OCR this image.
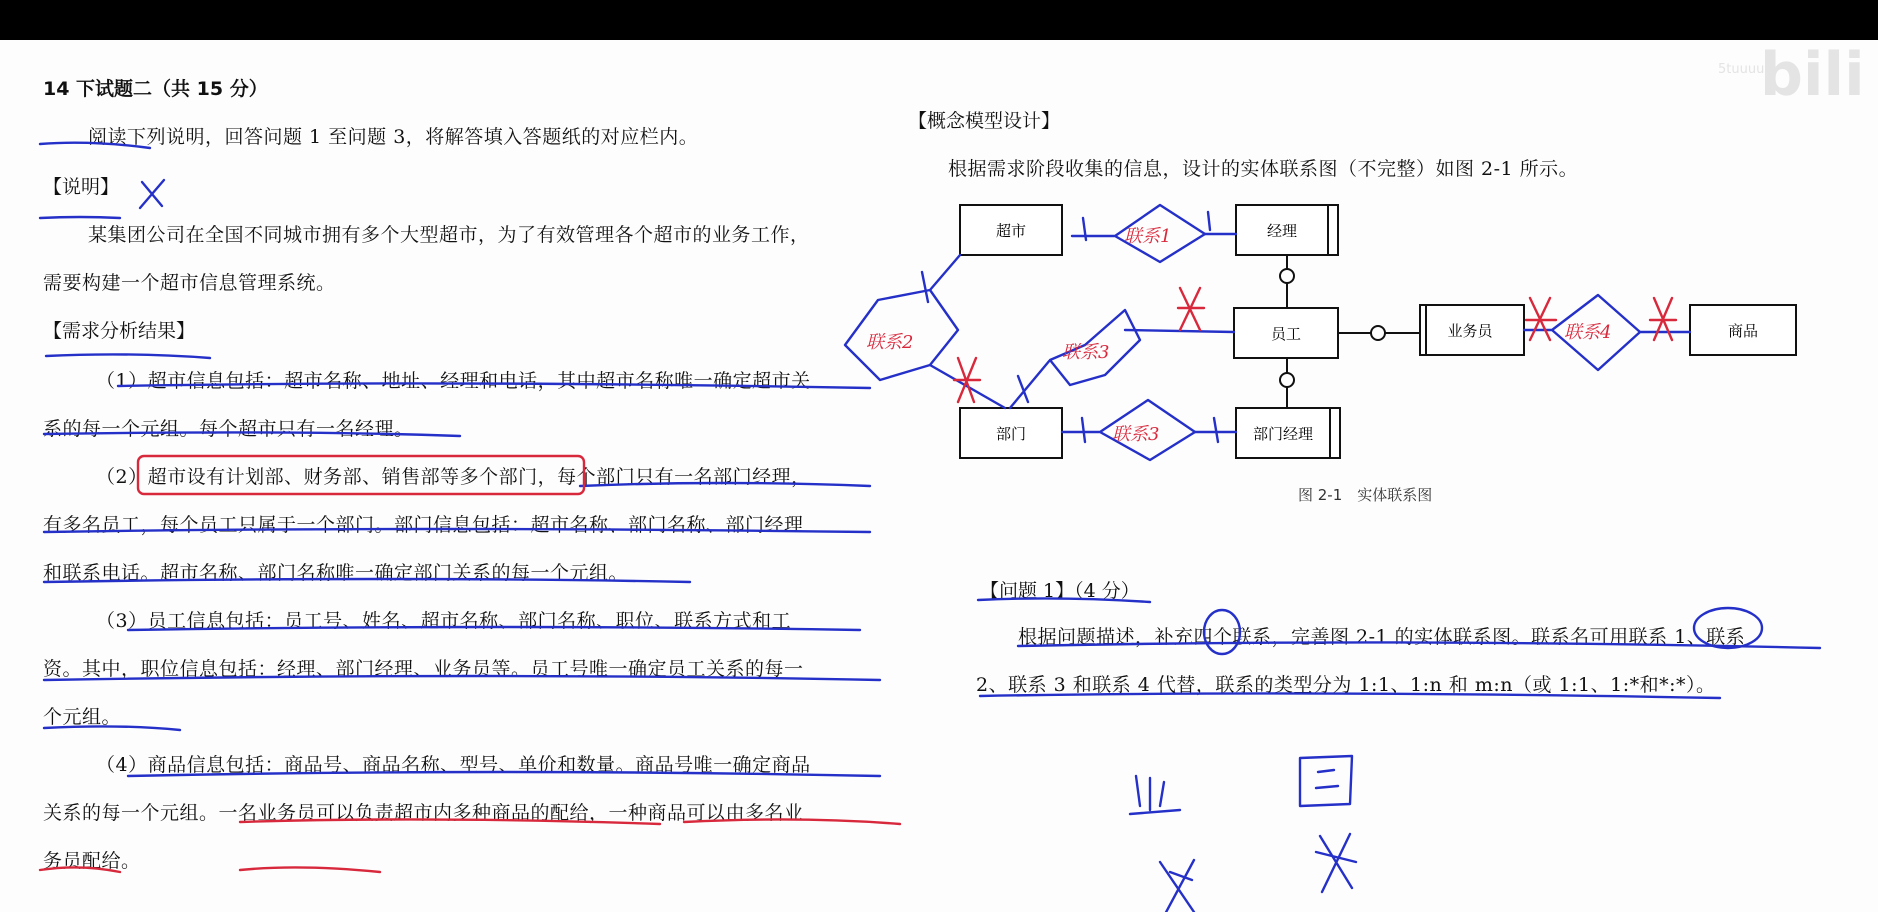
bili
5tuuuu
14 下试题二（共 15 分）
阅读下列说明，回答问题 1 至问题 3，将解答填入答题纸的对应栏内。
【说明】
某集团公司在全国不同城市拥有多个大型超市，为了有效管理各个超市的业务工作，
需要构建一个超市信息管理系统。
【需求分析结果】
（1）超市信息包括：超市名称、地址、经理和电话，其中超市名称唯一确定超市关
系的每一个元组。每个超市只有一名经理。
（2）超市设有计划部、财务部、销售部等多个部门，每个部门只有一名部门经理，
有多名员工，每个员工只属于一个部门。部门信息包括：超市名称、部门名称、部门经理
和联系电话。超市名称、部门名称唯一确定部门关系的每一个元组。
（3）员工信息包括：员工号、姓名、超市名称、部门名称、职位、联系方式和工
资。其中，职位信息包括：经理、部门经理、业务员等。员工号唯一确定员工关系的每一
个元组。
（4）商品信息包括：商品号、商品名称、型号、单价和数量。商品号唯一确定商品
关系的每一个元组。一名业务员可以负责超市内多种商品的配给，一种商品可以由多名业
务员配给。
【概念模型设计】
根据需求阶段收集的信息，设计的实体联系图（不完整）如图 2-1 所示。
图 2-1　实体联系图
【问题 1】（4 分）
根据问题描述，补充四个联系，完善图 2-1 的实体联系图。联系名可用联系 1、联系
2、联系 3 和联系 4 代替，联系的类型分为 1:1、1:n 和 m:n（或 1:1、1:*和*:*）。
超市	经理
员工	业务员	商品
部门	部门经理
联系1
联系2	联系3
联系3
联系4
